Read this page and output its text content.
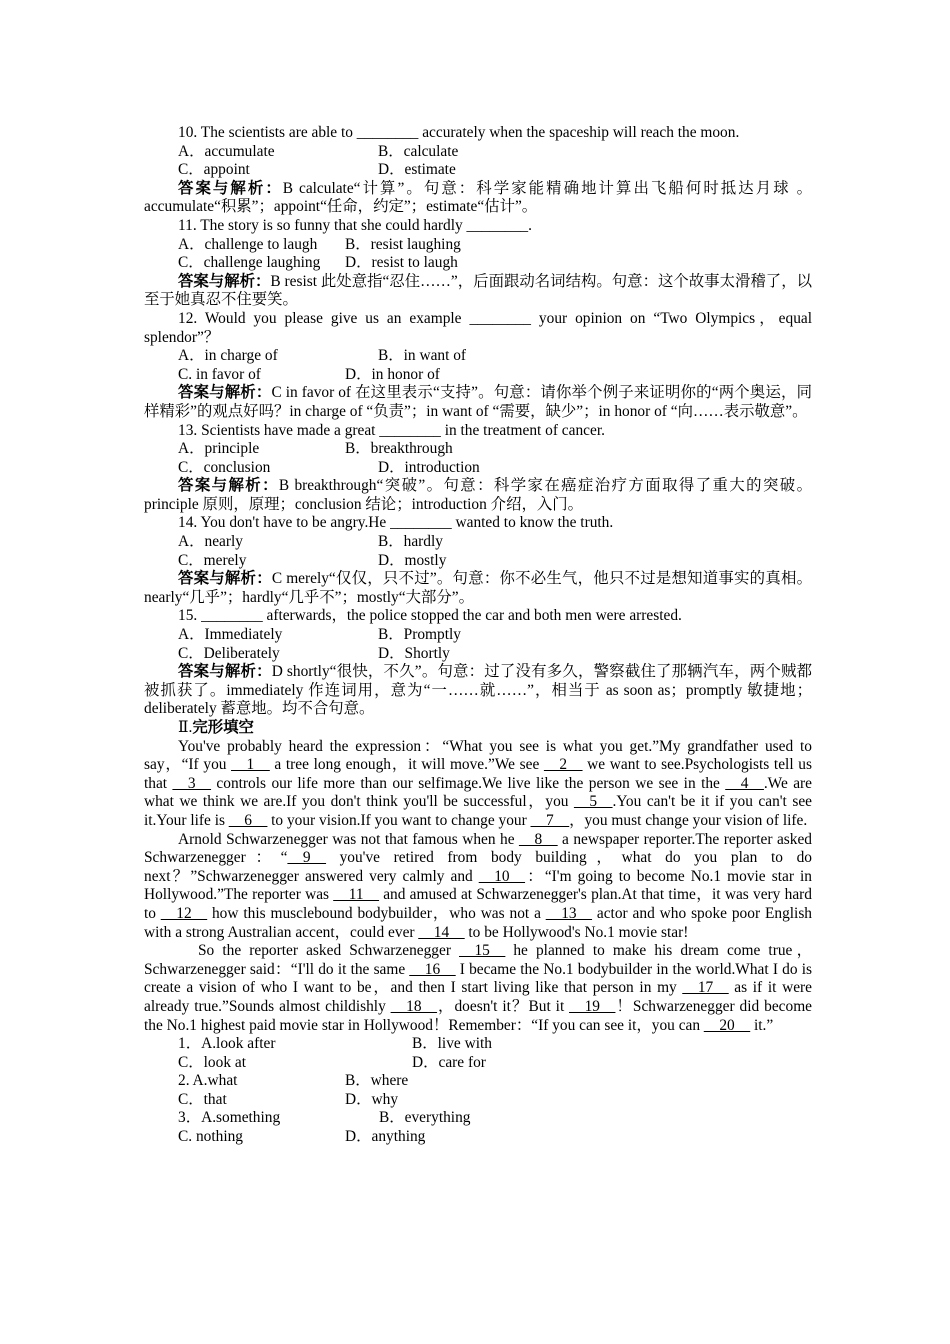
10. The scientists are able to ________ accurately when the spaceship will reach the moon.
A．accumulate	B．calculate
C．appoint	D．estimate
答案与解析：B calculate“计算”。句意：科学家能精确地计算出飞船何时抵达月球 。accumulate“积累”；appoint“任命，约定”；estimate“估计”。
11. The story is so funny that she could hardly ________.
A．challenge to laugh B．resist laughing
C．challenge laughing D．resist to laugh
答案与解析：B resist 此处意指“忍住……”，后面跟动名词结构。句意：这个故事太滑稽了，以至于她真忍不住要笑。
12. Would you please give us an example ________ your opinion on “Two Olympics，equal splendor”？
A．in charge of	B．in want of
C. in favor of	D．in honor of
答案与解析：C in favor of 在这里表示“支持”。句意：请你举个例子来证明你的“两个奥运，同样精彩”的观点好吗？in charge of “负责”；in want of “需要，缺少”；in honor of “向……表示敬意”。
13. Scientists have made a great ________ in the treatment of cancer.
A．principle	B．breakthrough
C．conclusion	D．introduction
答案与解析：B breakthrough“突破”。句意：科学家在癌症治疗方面取得了重大的突破。principle 原则，原理；conclusion 结论；introduction 介绍，入门。
14. You don't have to be angry.He ________ wanted to know the truth.
A．nearly	B．hardly
C．merely	D．mostly
答案与解析：C merely“仅仅，只不过”。句意：你不必生气，他只不过是想知道事实的真相。nearly“几乎”；hardly“几乎不”；mostly“大部分”。
15. ________ afterwards，the police stopped the car and both men were arrested.
A．Immediately	B．Promptly
C．Deliberately	D．Shortly
答案与解析：D shortly“很快，不久”。句意：过了没有多久，警察截住了那辆汽车，两个贼都被抓获了。immediately 作连词用，意为“一……就……”，相当于 as soon as；promptly 敏捷地；deliberately 蓄意地。均不合句意。
Ⅱ.完形填空
You've probably heard the expression：“What you see is what you get.”My grandfather used to say，“If you __1__ a tree long enough，it will move.”We see __2__ we want to see.Psychologists tell us that __3__ controls our life more than our selfimage.We live like the person we see in the __4__.We are what we think we are.If you don't think you'll be successful，you __5__.You can't be it if you can't see it.Your life is __6__ to your vision.If you want to change your __7__，you must change your vision of life.
Arnold Schwarzenegger was not that famous when he __8__ a newspaper reporter.The reporter asked Schwarzenegger：“__9__ you've retired from body building，what do you plan to do next？”Schwarzenegger answered very calmly and __10__：“I'm going to become No.1 movie star in Hollywood.”The reporter was __11__ and amused at Schwarzenegger's plan.At that time，it was very hard to __12__ how this musclebound bodybuilder，who was not a __13__ actor and who spoke poor English with a strong Australian accent，could ever __14__ to be Hollywood's No.1 movie star!
So the reporter asked Schwarzenegger __15__ he planned to make his dream come true，Schwarzenegger said：“I'll do it the same __16__ I became the No.1 bodybuilder in the world.What I do is create a vision of who I want to be，and then I start living like that person in my __17__ as if it were already true.”Sounds almost childishly __18__，doesn't it？But it __19__！Schwarzenegger did become the No.1 highest paid movie star in Hollywood！Remember：“If you can see it，you can __20__ it.”
1．A.look after	B．live with
C．look at	D．care for
2. A.what	B．where
C．that	D．why
3．A.something	B．everything
C. nothing	D．anything
